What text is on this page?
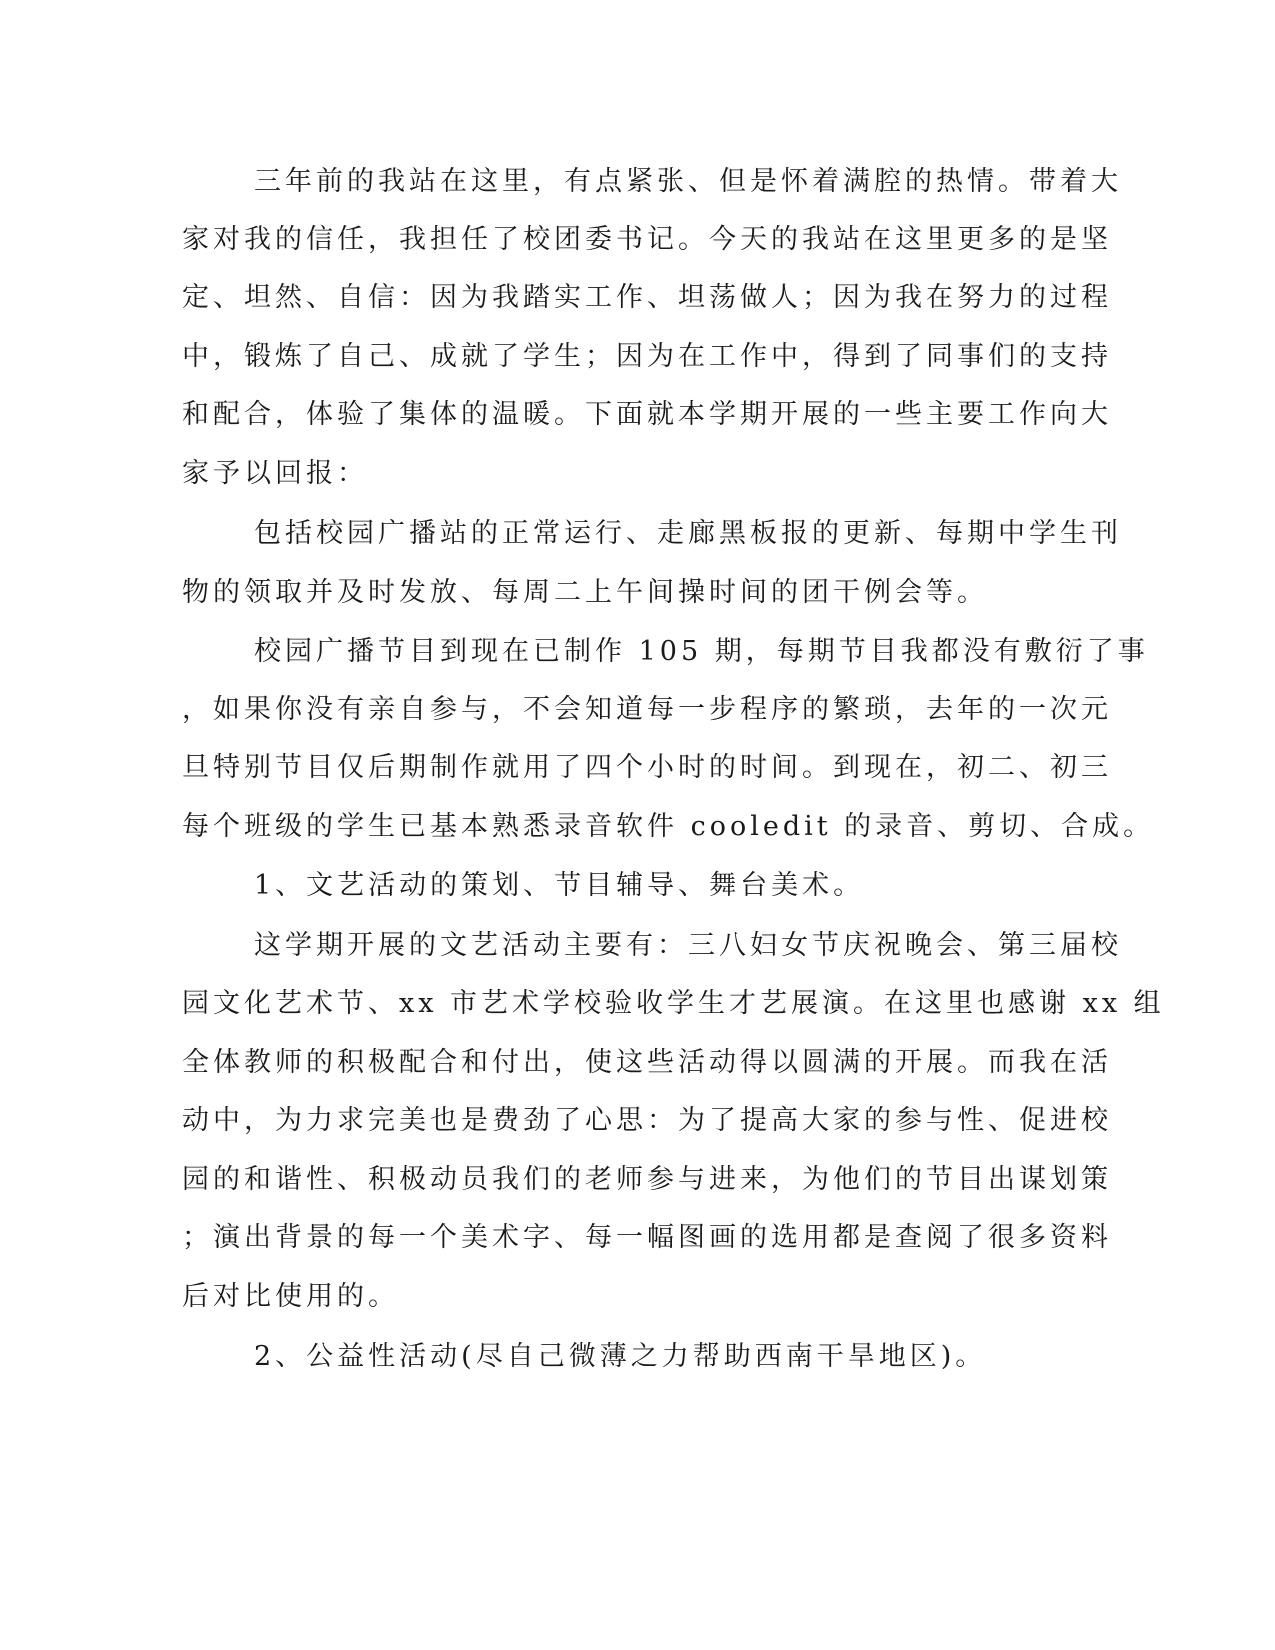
三年前的我站在这里，有点紧张、但是怀着满腔的热情。带着大
家对我的信任，我担任了校团委书记。今天的我站在这里更多的是坚
定、坦然、自信：因为我踏实工作、坦荡做人；因为我在努力的过程
中，锻炼了自己、成就了学生；因为在工作中，得到了同事们的支持
和配合，体验了集体的温暖。下面就本学期开展的一些主要工作向大
家予以回报：
包括校园广播站的正常运行、走廊黑板报的更新、每期中学生刊
物的领取并及时发放、每周二上午间操时间的团干例会等。
校园广播节目到现在已制作 105 期，每期节目我都没有敷衍了事
，如果你没有亲自参与，不会知道每一步程序的繁琐，去年的一次元
旦特别节目仅后期制作就用了四个小时的时间。到现在，初二、初三
每个班级的学生已基本熟悉录音软件 cooledit 的录音、剪切、合成。
1、文艺活动的策划、节目辅导、舞台美术。
这学期开展的文艺活动主要有：三八妇女节庆祝晚会、第三届校
园文化艺术节、xx 市艺术学校验收学生才艺展演。在这里也感谢 xx 组
全体教师的积极配合和付出，使这些活动得以圆满的开展。而我在活
动中，为力求完美也是费劲了心思：为了提高大家的参与性、促进校
园的和谐性、积极动员我们的老师参与进来，为他们的节目出谋划策
；演出背景的每一个美术字、每一幅图画的选用都是查阅了很多资料
后对比使用的。
2、公益性活动(尽自己微薄之力帮助西南干旱地区)。
